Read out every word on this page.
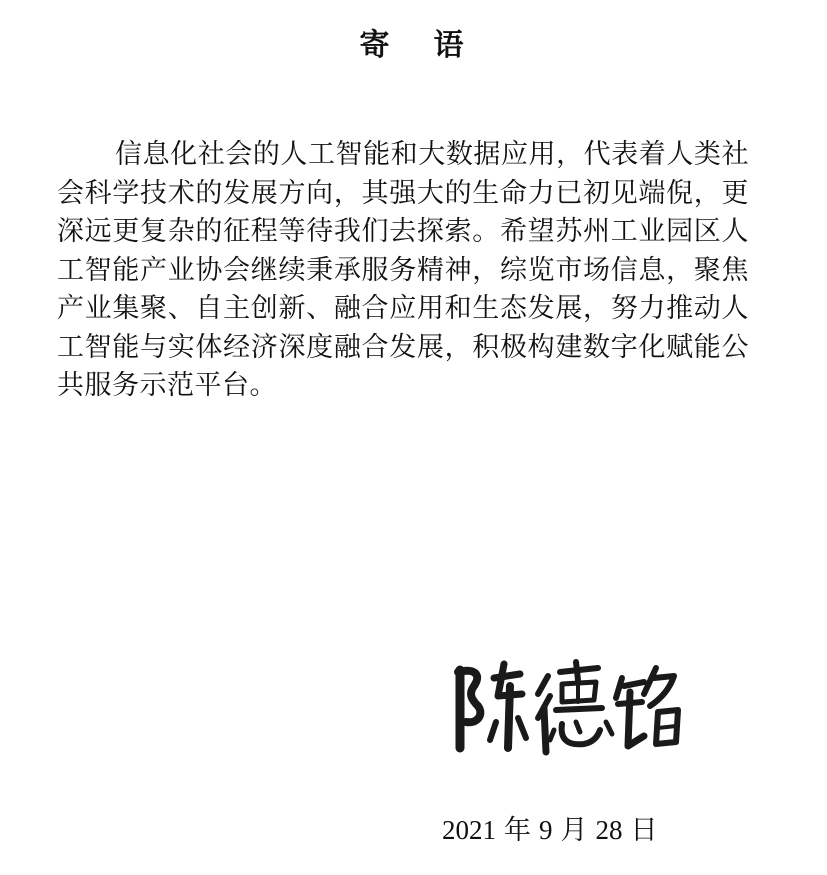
寄 语

信息化社会的人工智能和大数据应用，代表着人类社会科学技术的发展方向，其强大的生命力已初见端倪，更深远更复杂的征程等待我们去探索。希望苏州工业园区人工智能产业协会继续秉承服务精神，综览市场信息，聚焦产业集聚、自主创新、融合应用和生态发展，努力推动人工智能与实体经济深度融合发展，积极构建数字化赋能公共服务示范平台。

2021 年 9 月 28 日
